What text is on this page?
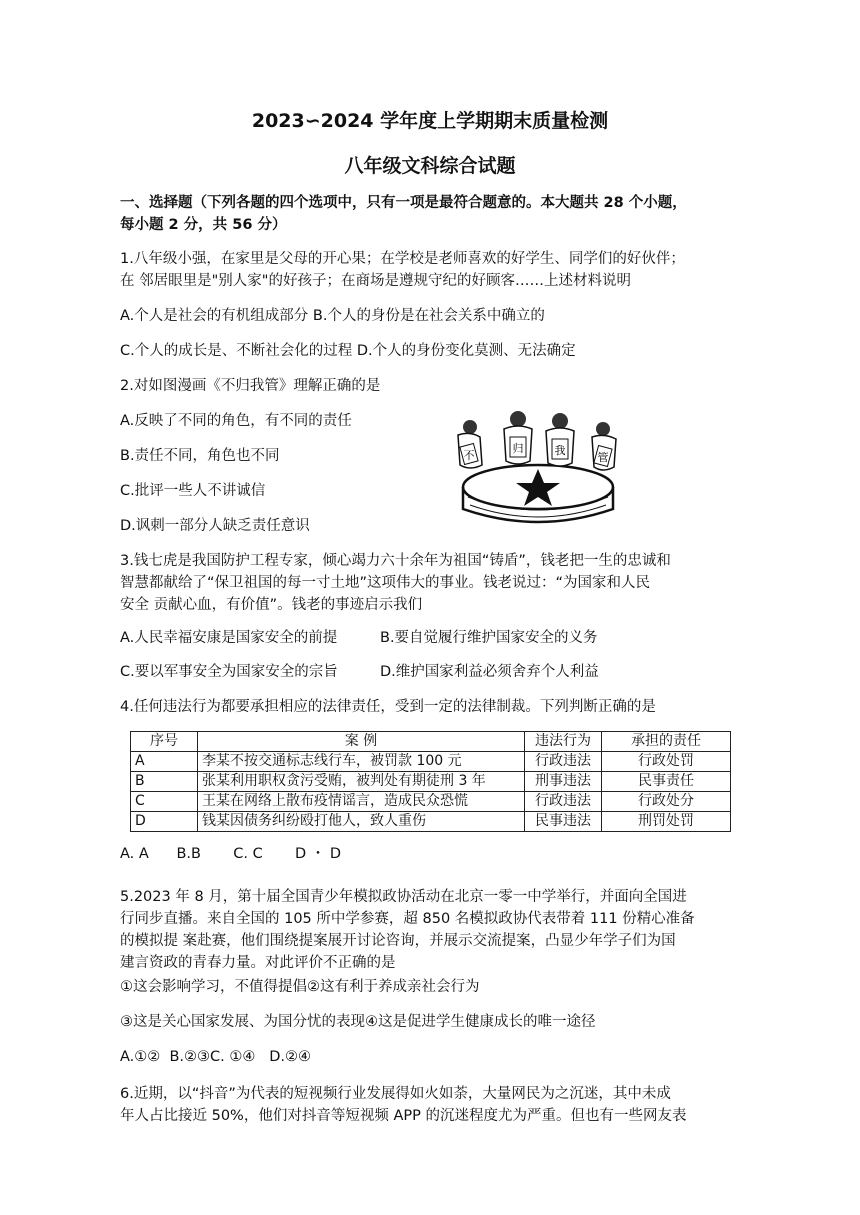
2023∽2024 学年度上学期期末质量检测
八年级文科综合试题
一、选择题（下列各题的四个选项中，只有一项是最符合题意的。本大题共 28 个小题，
每小题 2 分，共 56 分）
1.八年级小强，在家里是父母的开心果；在学校是老师喜欢的好学生、同学们的好伙伴；
在 邻居眼里是"别人家"的好孩子；在商场是遵规守纪的好顾客……上述材料说明
A.个人是社会的有机组成部分 B.个人的身份是在社会关系中确立的
C.个人的成长是、不断社会化的过程 D.个人的身份变化莫测、无法确定
2.对如图漫画《不归我管》理解正确的是
A.反映了不同的角色，有不同的责任
B.责任不同，角色也不同
C.批评一些人不讲诚信
D.讽刺一部分人缺乏责任意识
不
归	我
管
3.钱七虎是我国防护工程专家，倾心竭力六十余年为祖国“铸盾”，钱老把一生的忠诚和
智慧都献给了“保卫祖国的每一寸土地”这项伟大的事业。钱老说过：“为国家和人民
安全 贡献心血，有价值”。钱老的事迹启示我们
A.人民幸福安康是国家安全的前提	B.要自觉履行维护国家安全的义务
C.要以军事安全为国家安全的宗旨	D.维护国家利益必须舍弃个人利益
4.任何违法行为都要承担相应的法律责任，受到一定的法律制裁。下列判断正确的是
序号	案 例	违法行为	承担的责任
A	李某不按交通标志线行车，被罚款 100 元	行政违法	行政处罚
B	张某利用职权贪污受贿，被判处有期徒刑 3 年	刑事违法	民事责任
C	王某在网络上散布疫情谣言，造成民众恐慌	行政违法	行政处分
D	钱某因债务纠纷殴打他人，致人重伤	民事违法	刑罚处罚
A. A      B.B       C. C       D ・ D
5.2023 年 8 月，第十届全国青少年模拟政协活动在北京一零一中学举行，并面向全国进
行同步直播。来自全国的 105 所中学参赛，超 850 名模拟政协代表带着 111 份精心准备
的模拟提 案赴赛，他们围绕提案展开讨论咨询，并展示交流提案，凸显少年学子们为国
建言资政的青春力量。对此评价不正确的是
①这会影响学习，不值得提倡②这有利于养成亲社会行为
③这是关心国家发展、为国分忧的表现④这是促进学生健康成长的唯一途径
A.①②  B.②③C. ①④   D.②④
6.近期，以“抖音”为代表的短视频行业发展得如火如荼，大量网民为之沉迷，其中未成
年人占比接近 50%，他们对抖音等短视频 APP 的沉迷程度尤为严重。但也有一些网友表
